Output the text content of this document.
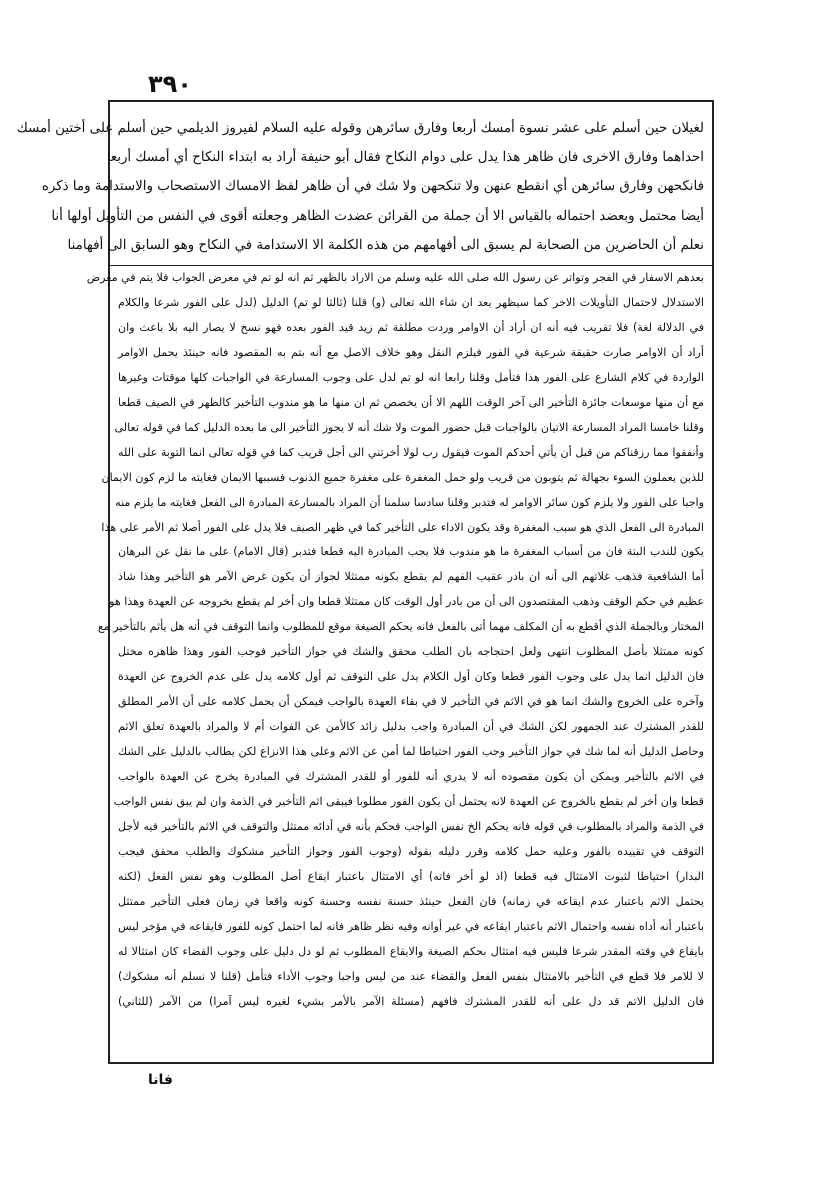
٣٩٠
لغيلان حين أسلم على عشر نسوة أمسك أربعا وفارق سائرهن وقوله عليه السلام لفيروز الديلمي حين أسلم على أختين أمسك
احداهما وفارق الاخرى فان ظاهر هذا يدل على دوام النكاح فقال أبو حنيفة أراد به ابتداء النكاح أي أمسك أربعا
فانكحهن وفارق سائرهن أي انقطع عنهن ولا تنكحهن ولا شك في أن ظاهر لفظ الامساك الاستصحاب والاستدامة وما ذكره
أيضا محتمل وبعضد احتماله بالقياس الا أن جملة من القرائن عضدت الظاهر وجعلته أقوى في النفس من التأويل أولها أنا
نعلم أن الحاضرين من الصحابة لم يسبق الى أفهامهم من هذه الكلمة الا الاستدامة في النكاح وهو السابق الى أفهامنا
بعدهم الاسفار في الفجر وتواتر عن رسول الله صلى الله عليه وسلم من الاراد بالظهر ثم انه لو تم في معرض الجواب فلا يتم في معرض
الاستدلال لاحتمال التأويلات الاخر كما سيظهر بعد ان شاء الله تعالى (و) قلنا (ثالثا لو تم) الدليل (لدل على الفور شرعا والكلام
في الدلالة لغة) فلا تقريب فيه أنه ان أراد أن الاوامر وردت مطلقة ثم زيد قيد الفور بعده فهو نسخ لا يصار اليه بلا باعث وان
أراد أن الاوامر صارت حقيقة شرعية في الفور فيلزم النقل وهو خلاف الاصل مع أنه بتم به المقصود فانه حينئذ يحمل الاوامر
الواردة في كلام الشارع على الفور هذا فتأمل وقلنا رابعا انه لو تم لدل على وجوب المسارعة في الواجبات كلها موقتات وغيرها
مع أن منها موسعات جائزة التأخير الى آخر الوقت اللهم الا أن يخصص ثم ان منها ما هو مندوب التأخير كالظهر في الصيف قطعا
وقلنا خامسا المراد المسارعة الاتيان بالواجبات قبل حضور الموت ولا شك أنه لا يجوز التأخير الى ما بعده الدليل كما في قوله تعالى
وأنفقوا مما رزقناكم من قبل أن يأتي أحدكم الموت فيقول رب لولا أخرتني الى أجل قريب كما في قوله تعالى انما التوبة على الله
للذين يعملون السوء بجهالة ثم يتوبون من قريب ولو حمل المغفرة على مغفرة جميع الذنوب فسببها الايمان فغايته ما لزم كون الايمان
واجبا على الفور ولا يلزم كون سائر الاوامر له فتدبر وقلنا سادسا سلمنا أن المراد بالمسارعة المبادرة الى الفعل فغايته ما يلزم منه
المبادرة الى الفعل الذي هو سبب المغفرة وقد يكون الاداء على التأخير كما في ظهر الصيف فلا يدل على الفور أصلا ثم الأمر على هذا
يكون للندب البتة فان من أسباب المغفرة ما هو مندوب فلا يجب المبادرة اليه قطعا فتدبر (قال الامام) على ما نقل عن البرهان
أما الشافعية فذهب غلاتهم الى أنه ان بادر عقيب الفهم لم يقطع بكونه ممتثلا لجواز أن يكون غرض الآمر هو التأخير وهذا شاذ
عظيم في حكم الوقف وذهب المقتصدون الى أن من بادر أول الوقت كان ممتثلا قطعا وان أخر لم يقطع بخروجه عن العهدة وهذا هو
المختار وبالجملة الذي أقطع به أن المكلف مهما أتى بالفعل فانه يحكم الصيغة موقع للمطلوب وانما التوقف في أنه هل يأثم بالتأخير مع
كونه ممتثلا بأصل المطلوب انتهى ولعل احتجاجه بان الطلب محقق والشك في جواز التأخير فوجب الفور وهذا ظاهره مختل
فان الدليل انما يدل على وجوب الفور قطعا وكان أول الكلام يدل على التوقف ثم أول كلامه يدل على عدم الخروج عن العهدة
وآخره على الخروج والشك انما هو في الاثم في التأخير لا في بقاء العهدة بالواجب فيمكن أن يحمل كلامه على أن الأمر المطلق
للقدر المشترك عند الجمهور لكن الشك في أن المبادرة واجب بدليل زائد كالأمن عن الفوات أم لا والمراد بالعهدة تعلق الاثم
وحاصل الدليل أنه لما شك في جواز التأخير وجب الفور احتياطا لما أمن عن الاثم وعلى هذا الانزاع لكن يطالب بالدليل على الشك
في الاثم بالتأخير ويمكن أن يكون مقصوده أنه لا يدري أنه للفور أو للقدر المشترك في المبادرة يخرج عن العهدة بالواجب
قطعا وان أخر لم يقطع بالخروج عن العهدة لانه يحتمل أن يكون الفور مطلوبا فيبقى اثم التأخير في الذمة وان لم يبق نفس الواجب
في الذمة والمراد بالمطلوب في قوله فانه يحكم الخ نفس الواجب فحكم بأنه في أدائه ممتثل والتوقف في الاثم بالتأخير فيه لأجل
التوقف في تقييده بالفور وعليه حمل كلامه وقرر دليله بقوله (وجوب الفور وجواز التأخير مشكوك والطلب محقق فيجب
البدار) احتياطا لثبوت الامتثال فيه قطعا (اذ لو أخر فاته) أي الامتثال باعتبار ايقاع أصل المطلوب وهو نفس الفعل (لكنه
يحتمل الاثم باعتبار عدم ايقاعه في زمانه) فان الفعل حينئذ حسنة نفسه وحسنة كونه واقعا في زمان فعلى التأخير ممتثل
باعتبار أنه أداه نفسه واحتمال الاثم باعتبار ايقاعه في غير أوانه وفيه نظر ظاهر فانه لما احتمل كونه للفور فايقاعه في مؤخر ليس
بايقاع في وقته المقدر شرعا فليس فيه امتثال بحكم الصيغة والايقاع المطلوب ثم لو دل دليل على وجوب القضاء كان امتثالا له
لا للامر فلا قطع في التأخير بالامتثال بنفس الفعل والقضاء عند من ليس واجبا وجوب الأداء فتأمل (قلنا لا نسلم أنه مشكوك)
فان الدليل الاتم قد دل على أنه للقدر المشترك فافهم (مسئلة الآمر بالأمر بشيء لغيره ليس آمرا) من الآمر (للثاني)
فانا
